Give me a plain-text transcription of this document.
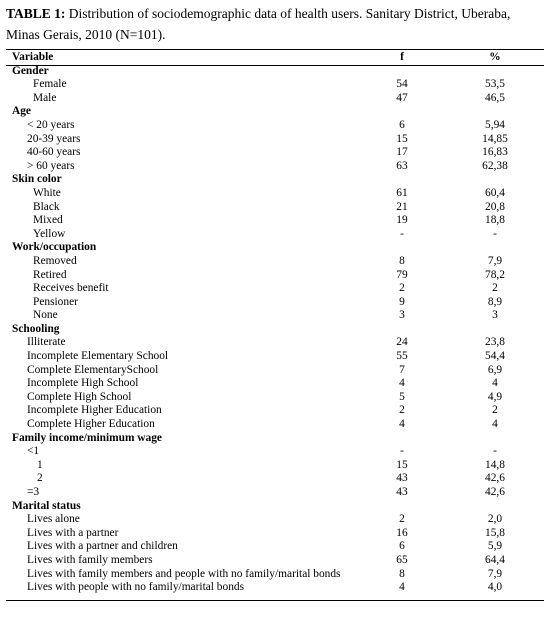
TABLE 1: Distribution of sociodemographic data of health users. Sanitary District, Uberaba, Minas Gerais, 2010 (N=101).
Variable	f	%
Gender
Female	54	53,5
Male	47	46,5
Age
< 20 years	6	5,94
20-39 years	15	14,85
40-60 years	17	16,83
> 60 years	63	62,38
Skin color
White	61	60,4
Black	21	20,8
Mixed	19	18,8
Yellow	-	-
Work/occupation
Removed	8	7,9
Retired	79	78,2
Receives benefit	2	2
Pensioner	9	8,9
None	3	3
Schooling
Illiterate	24	23,8
Incomplete Elementary School	55	54,4
Complete ElementarySchool	7	6,9
Incomplete High School	4	4
Complete High School	5	4,9
Incomplete Higher Education	2	2
Complete Higher Education	4	4
Family income/minimum wage
<1	-	-
1	15	14,8
2	43	42,6
=3	43	42,6
Marital status
Lives alone	2	2,0
Lives with a partner	16	15,8
Lives with a partner and children	6	5,9
Lives with family members	65	64,4
Lives with family members and people with no family/marital bonds	8	7,9
Lives with people with no family/marital bonds	4	4,0
